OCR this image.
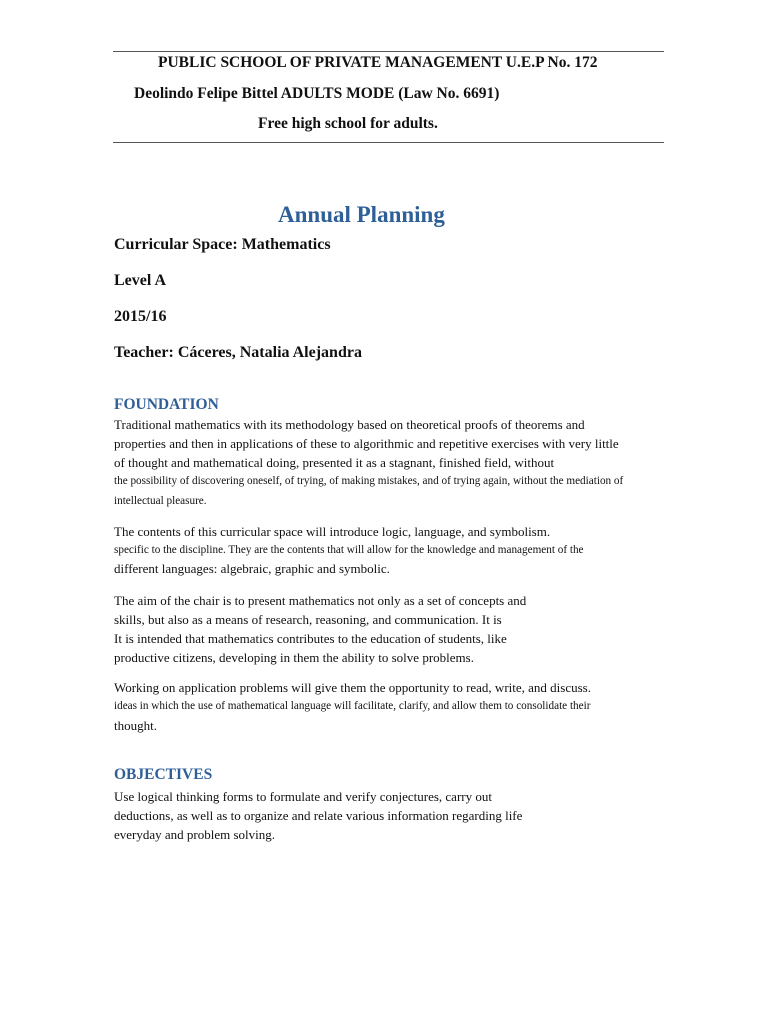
PUBLIC SCHOOL OF PRIVATE MANAGEMENT U.E.P No. 172

Deolindo Felipe Bittel ADULTS MODE (Law No. 6691)

Free high school for adults.

Annual Planning

Curricular Space: Mathematics

Level A

2015/16

Teacher: Cáceres, Natalia Alejandra

FOUNDATION
Traditional mathematics with its methodology based on theoretical proofs of theorems and
properties and then in applications of these to algorithmic and repetitive exercises with very little
of thought and mathematical doing, presented it as a stagnant, finished field, without
the possibility of discovering oneself, of trying, of making mistakes, and of trying again, without the mediation of
intellectual pleasure.
The contents of this curricular space will introduce logic, language, and symbolism.
specific to the discipline. They are the contents that will allow for the knowledge and management of the
different languages: algebraic, graphic and symbolic.
The aim of the chair is to present mathematics not only as a set of concepts and
skills, but also as a means of research, reasoning, and communication. It is
It is intended that mathematics contributes to the education of students, like
productive citizens, developing in them the ability to solve problems.
Working on application problems will give them the opportunity to read, write, and discuss.
ideas in which the use of mathematical language will facilitate, clarify, and allow them to consolidate their
thought.
OBJECTIVES
Use logical thinking forms to formulate and verify conjectures, carry out
deductions, as well as to organize and relate various information regarding life
everyday and problem solving.
